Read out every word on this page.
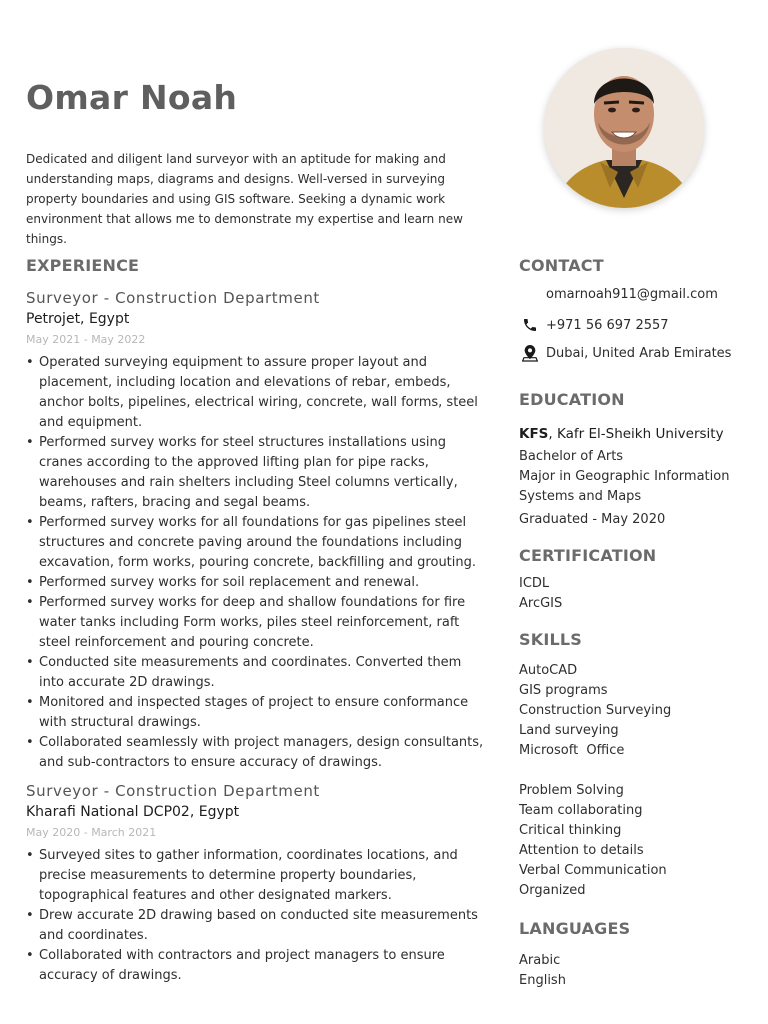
Omar Noah

Dedicated and diligent land surveyor with an aptitude for making and understanding maps, diagrams and designs. Well-versed in surveying property boundaries and using GIS software. Seeking a dynamic work environment that allows me to demonstrate my expertise and learn new things.

EXPERIENCE
Surveyor - Construction Department
Petrojet, Egypt
May 2021 - May 2022
• Operated surveying equipment to assure proper layout and placement, including location and elevations of rebar, embeds, anchor bolts, pipelines, electrical wiring, concrete, wall forms, steel and equipment.
• Performed survey works for steel structures installations using cranes according to the approved lifting plan for pipe racks, warehouses and rain shelters including Steel columns vertically, beams, rafters, bracing and segal beams.
• Performed survey works for all foundations for gas pipelines steel structures and concrete paving around the foundations including excavation, form works, pouring concrete, backfilling and grouting.
• Performed survey works for soil replacement and renewal.
• Performed survey works for deep and shallow foundations for fire water tanks including Form works, piles steel reinforcement, raft steel reinforcement and pouring concrete.
• Conducted site measurements and coordinates. Converted them into accurate 2D drawings.
• Monitored and inspected stages of project to ensure conformance with structural drawings.
• Collaborated seamlessly with project managers, design consultants, and sub-contractors to ensure accuracy of drawings.
Surveyor - Construction Department
Kharafi National DCP02, Egypt
May 2020 - March 2021
• Surveyed sites to gather information, coordinates locations, and precise measurements to determine property boundaries, topographical features and other designated markers.
• Drew accurate 2D drawing based on conducted site measurements and coordinates.
• Collaborated with contractors and project managers to ensure accuracy of drawings.
CONTACT
omarnoah911@gmail.com
+971 56 697 2557
Dubai, United Arab Emirates
EDUCATION
KFS, Kafr El-Sheikh University
Bachelor of Arts
Major in Geographic Information Systems and Maps
Graduated - May 2020
CERTIFICATION
ICDL
ArcGIS
SKILLS
AutoCAD
GIS programs
Construction Surveying
Land surveying
Microsoft  Office
Problem Solving
Team collaborating
Critical thinking
Attention to details
Verbal Communication
Organized
LANGUAGES
Arabic
English
